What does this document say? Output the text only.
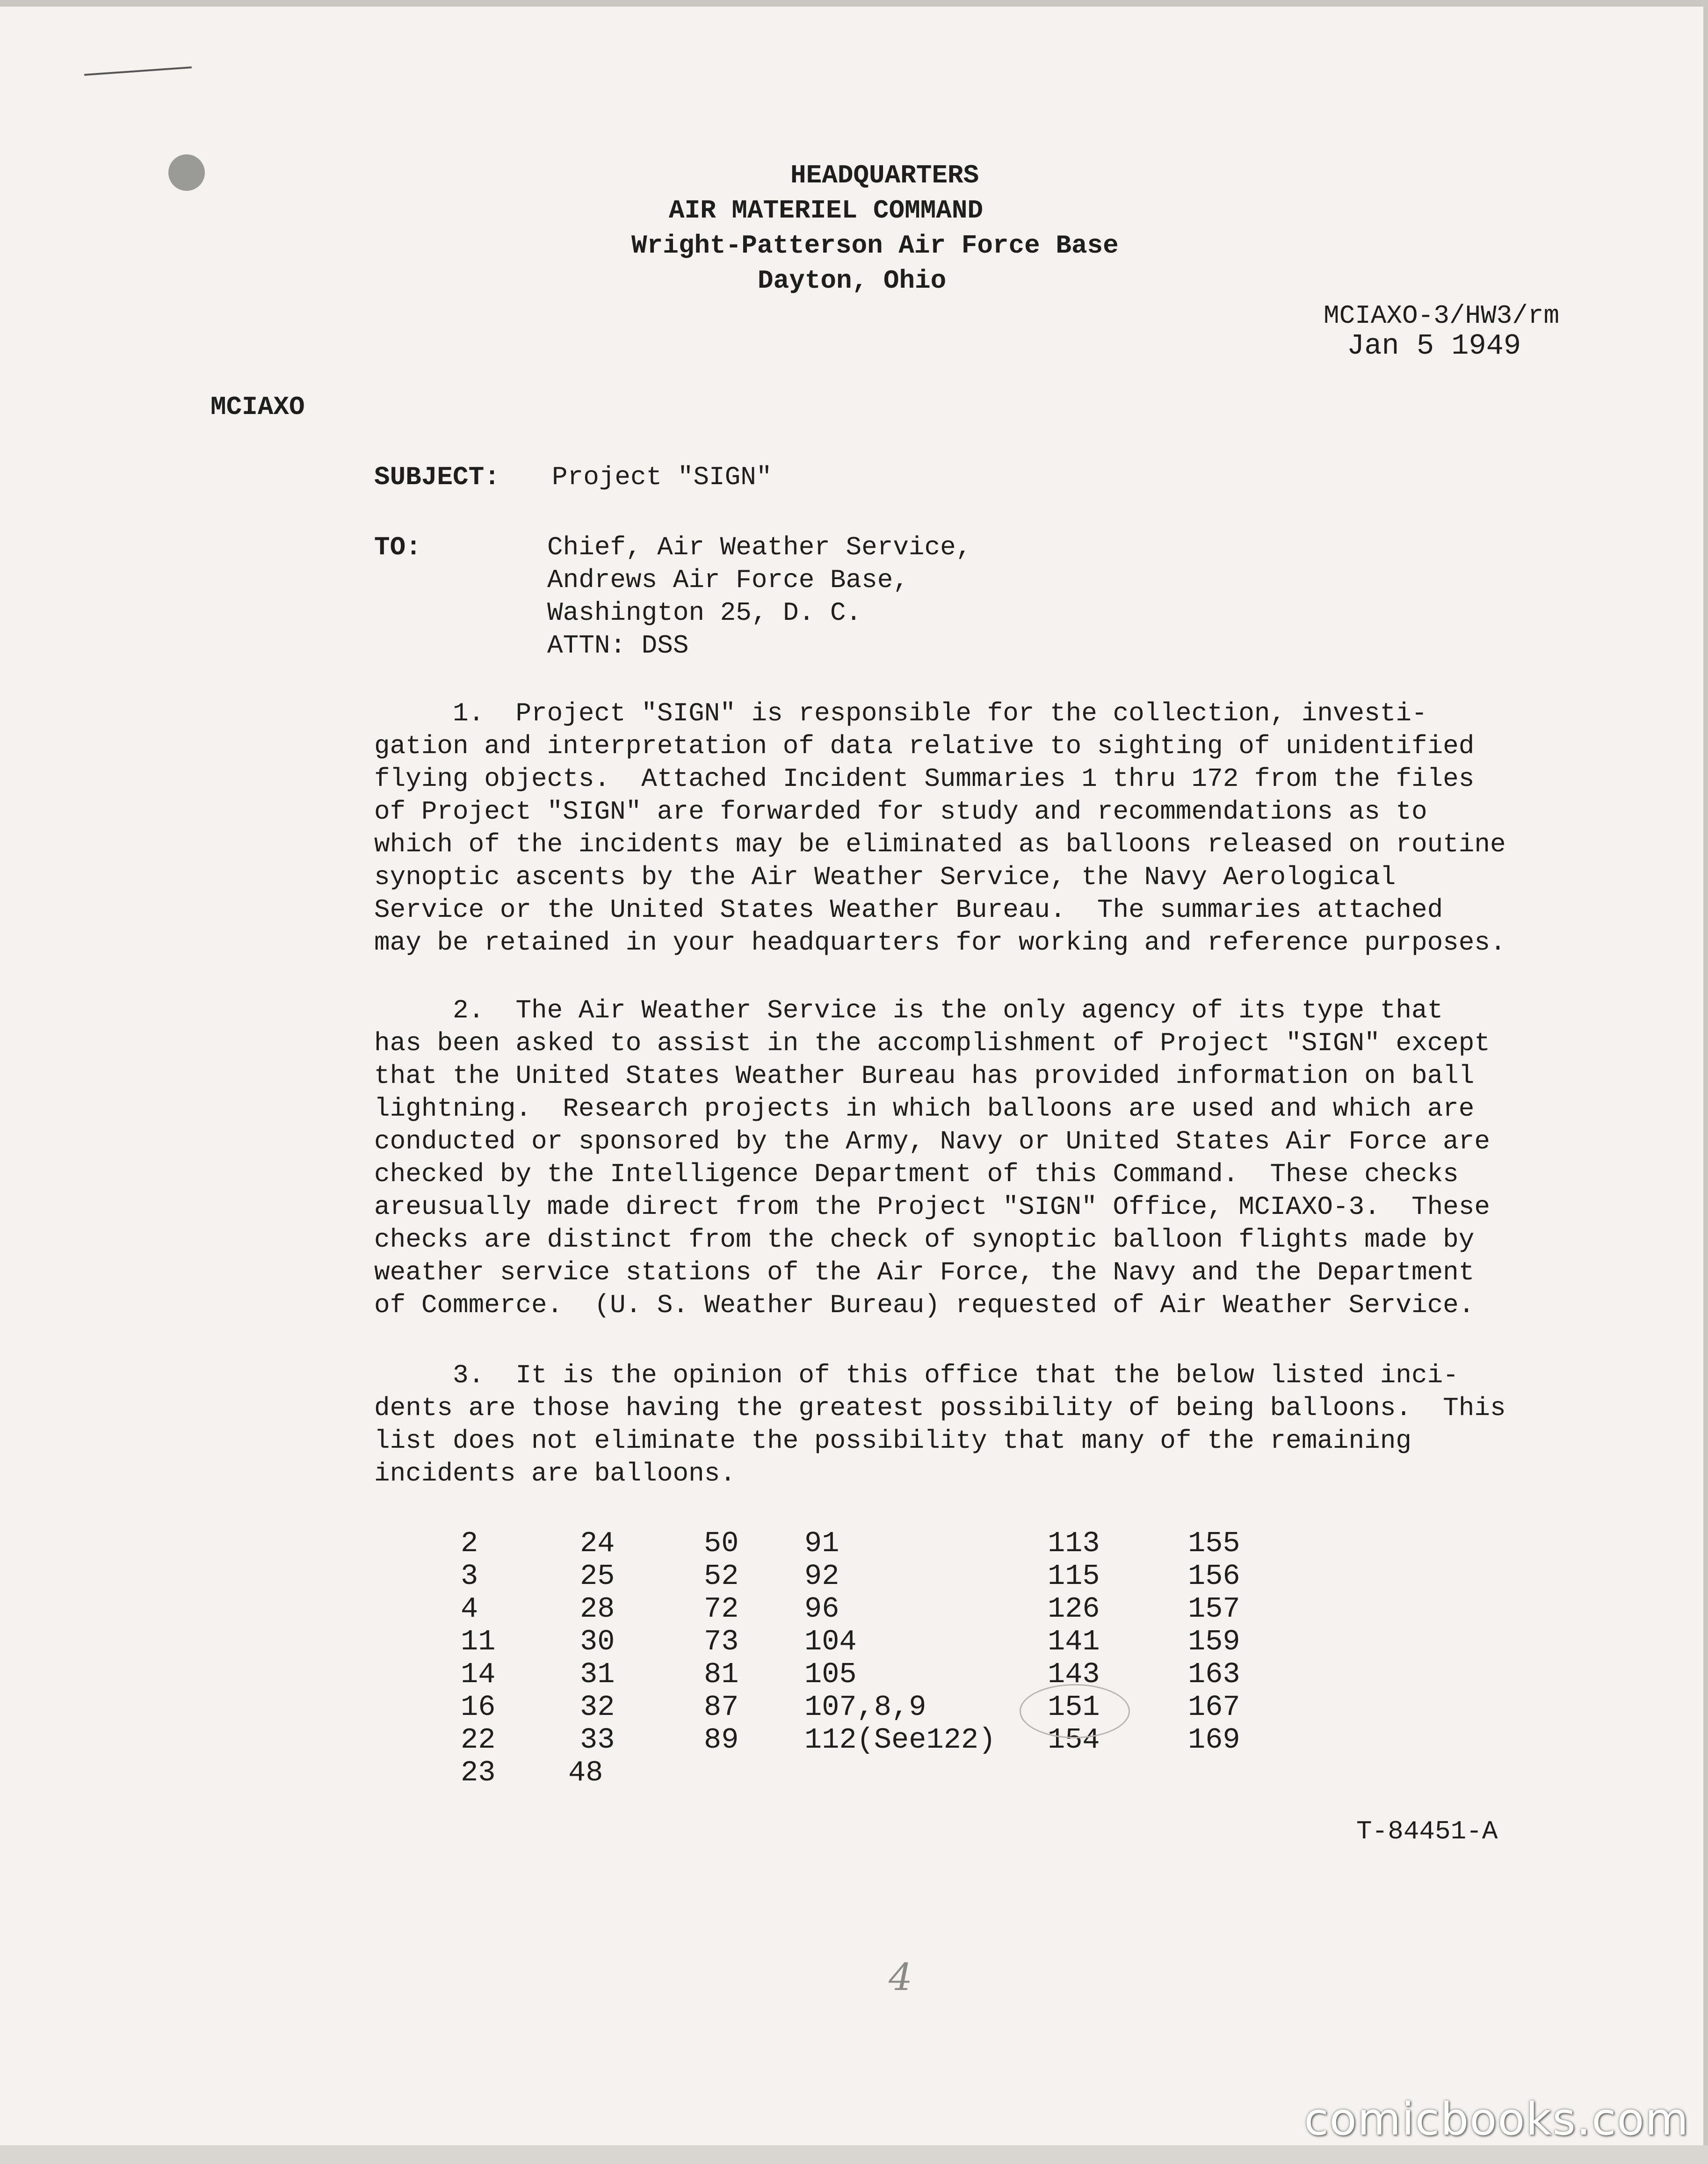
HEADQUARTERS
AIR MATERIEL COMMAND
Wright-Patterson Air Force Base
Dayton, Ohio
MCIAXO-3/HW3/rm
Jan 5 1949
MCIAXO
SUBJECT: Project "SIGN"
TO:	Chief, Air Weather Service,
Andrews Air Force Base,
Washington 25, D. C.
ATTN: DSS
1.  Project "SIGN" is responsible for the collection, investi-
gation and interpretation of data relative to sighting of unidentified
flying objects.  Attached Incident Summaries 1 thru 172 from the files
of Project "SIGN" are forwarded for study and recommendations as to
which of the incidents may be eliminated as balloons released on routine
synoptic ascents by the Air Weather Service, the Navy Aerological
Service or the United States Weather Bureau.  The summaries attached
may be retained in your headquarters for working and reference purposes.
2.  The Air Weather Service is the only agency of its type that
has been asked to assist in the accomplishment of Project "SIGN" except
that the United States Weather Bureau has provided information on ball
lightning.  Research projects in which balloons are used and which are
conducted or sponsored by the Army, Navy or United States Air Force are
checked by the Intelligence Department of this Command.  These checks
areusually made direct from the Project "SIGN" Office, MCIAXO-3.  These
checks are distinct from the check of synoptic balloon flights made by
weather service stations of the Air Force, the Navy and the Department
of Commerce.  (U. S. Weather Bureau) requested of Air Weather Service.
3.  It is the opinion of this office that the below listed inci-
dents are those having the greatest possibility of being balloons.  This
list does not eliminate the possibility that many of the remaining
incidents are balloons.
2
3
4
11
14
16
22
23
24
25
28
30
31
32
33
48
50
52
72
73
81
87
89
91
92
96
104
105
107,8,9
112(See122)
113
115
126
141
143
151
154
155
156
157
159
163
167
169
T-84451-A
4
comicbooks.com
